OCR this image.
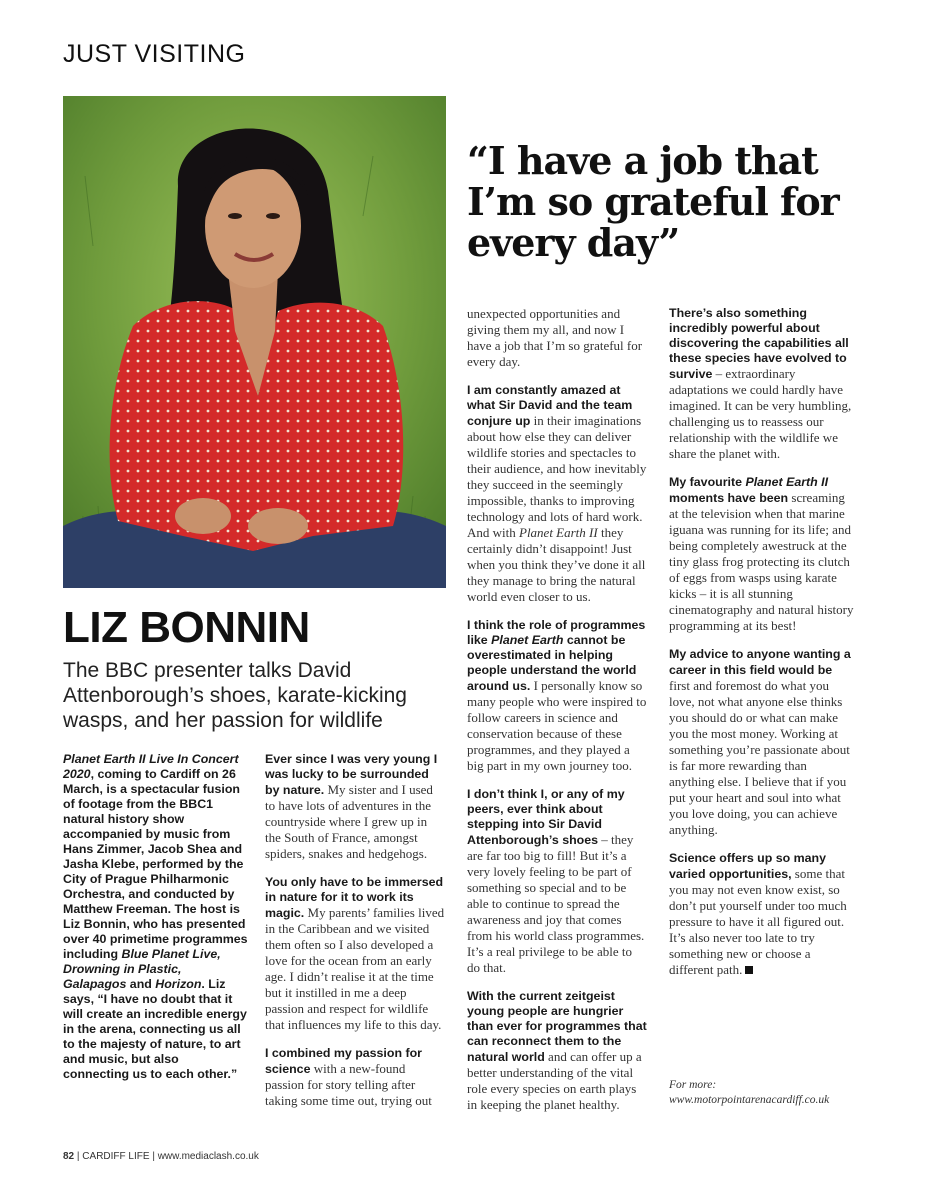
JUST VISITING
LIZ BONNIN
The BBC presenter talks David Attenborough’s shoes, karate-kicking wasps, and her passion for wildlife
“I have a job that I’m so grateful for every day”

Planet Earth II Live In Concert 2020, coming to Cardiff on 26 March, is a spectacular fusion of footage from the BBC1 natural history show accompanied by music from Hans Zimmer, Jacob Shea and Jasha Klebe, performed by the City of Prague Philharmonic Orchestra, and conducted by Matthew Freeman. The host is Liz Bonnin, who has presented over 40 primetime programmes including Blue Planet Live, Drowning in Plastic, Galapagos and Horizon. Liz says, “I have no doubt that it will create an incredible energy in the arena, connecting us all to the majesty of nature, to art and music, but also connecting us to each other.”

Ever since I was very young I was lucky to be surrounded by nature. My sister and I used to have lots of adventures in the countryside where I grew up in the South of France, amongst spiders, snakes and hedgehogs.

You only have to be immersed in nature for it to work its magic. My parents’ families lived in the Caribbean and we visited them often so I also developed a love for the ocean from an early age. I didn’t realise it at the time but it instilled in me a deep passion and respect for wildlife that influences my life to this day.

I combined my passion for science with a new-found passion for story telling after taking some time out, trying out

unexpected opportunities and giving them my all, and now I have a job that I’m so grateful for every day.

I am constantly amazed at what Sir David and the team conjure up in their imaginations about how else they can deliver wildlife stories and spectacles to their audience, and how inevitably they succeed in the seemingly impossible, thanks to improving technology and lots of hard work. And with Planet Earth II they certainly didn’t disappoint! Just when you think they’ve done it all they manage to bring the natural world even closer to us.

I think the role of programmes like Planet Earth cannot be overestimated in helping people understand the world around us. I personally know so many people who were inspired to follow careers in science and conservation because of these programmes, and they played a big part in my own journey too.

I don’t think I, or any of my peers, ever think about stepping into Sir David Attenborough’s shoes – they are far too big to fill! But it’s a very lovely feeling to be part of something so special and to be able to continue to spread the awareness and joy that comes from his world class programmes. It’s a real privilege to be able to do that.

With the current zeitgeist young people are hungrier than ever for programmes that can reconnect them to the natural world and can offer up a better understanding of the vital role every species on earth plays in keeping the planet healthy.

There’s also something incredibly powerful about discovering the capabilities all these species have evolved to survive – extraordinary adaptations we could hardly have imagined. It can be very humbling, challenging us to reassess our relationship with the wildlife we share the planet with.

My favourite Planet Earth II moments have been screaming at the television when that marine iguana was running for its life; and being completely awestruck at the tiny glass frog protecting its clutch of eggs from wasps using karate kicks – it is all stunning cinematography and natural history programming at its best!

My advice to anyone wanting a career in this field would be first and foremost do what you love, not what anyone else thinks you should do or what can make you the most money. Working at something you’re passionate about is far more rewarding than anything else. I believe that if you put your heart and soul into what you love doing, you can achieve anything.

Science offers up so many varied opportunities, some that you may not even know exist, so don’t put yourself under too much pressure to have it all figured out. It’s also never too late to try something new or choose a different path.

For more:
www.motorpointarenacardiff.co.uk
82 | CARDIFF LIFE | www.mediaclash.co.uk
